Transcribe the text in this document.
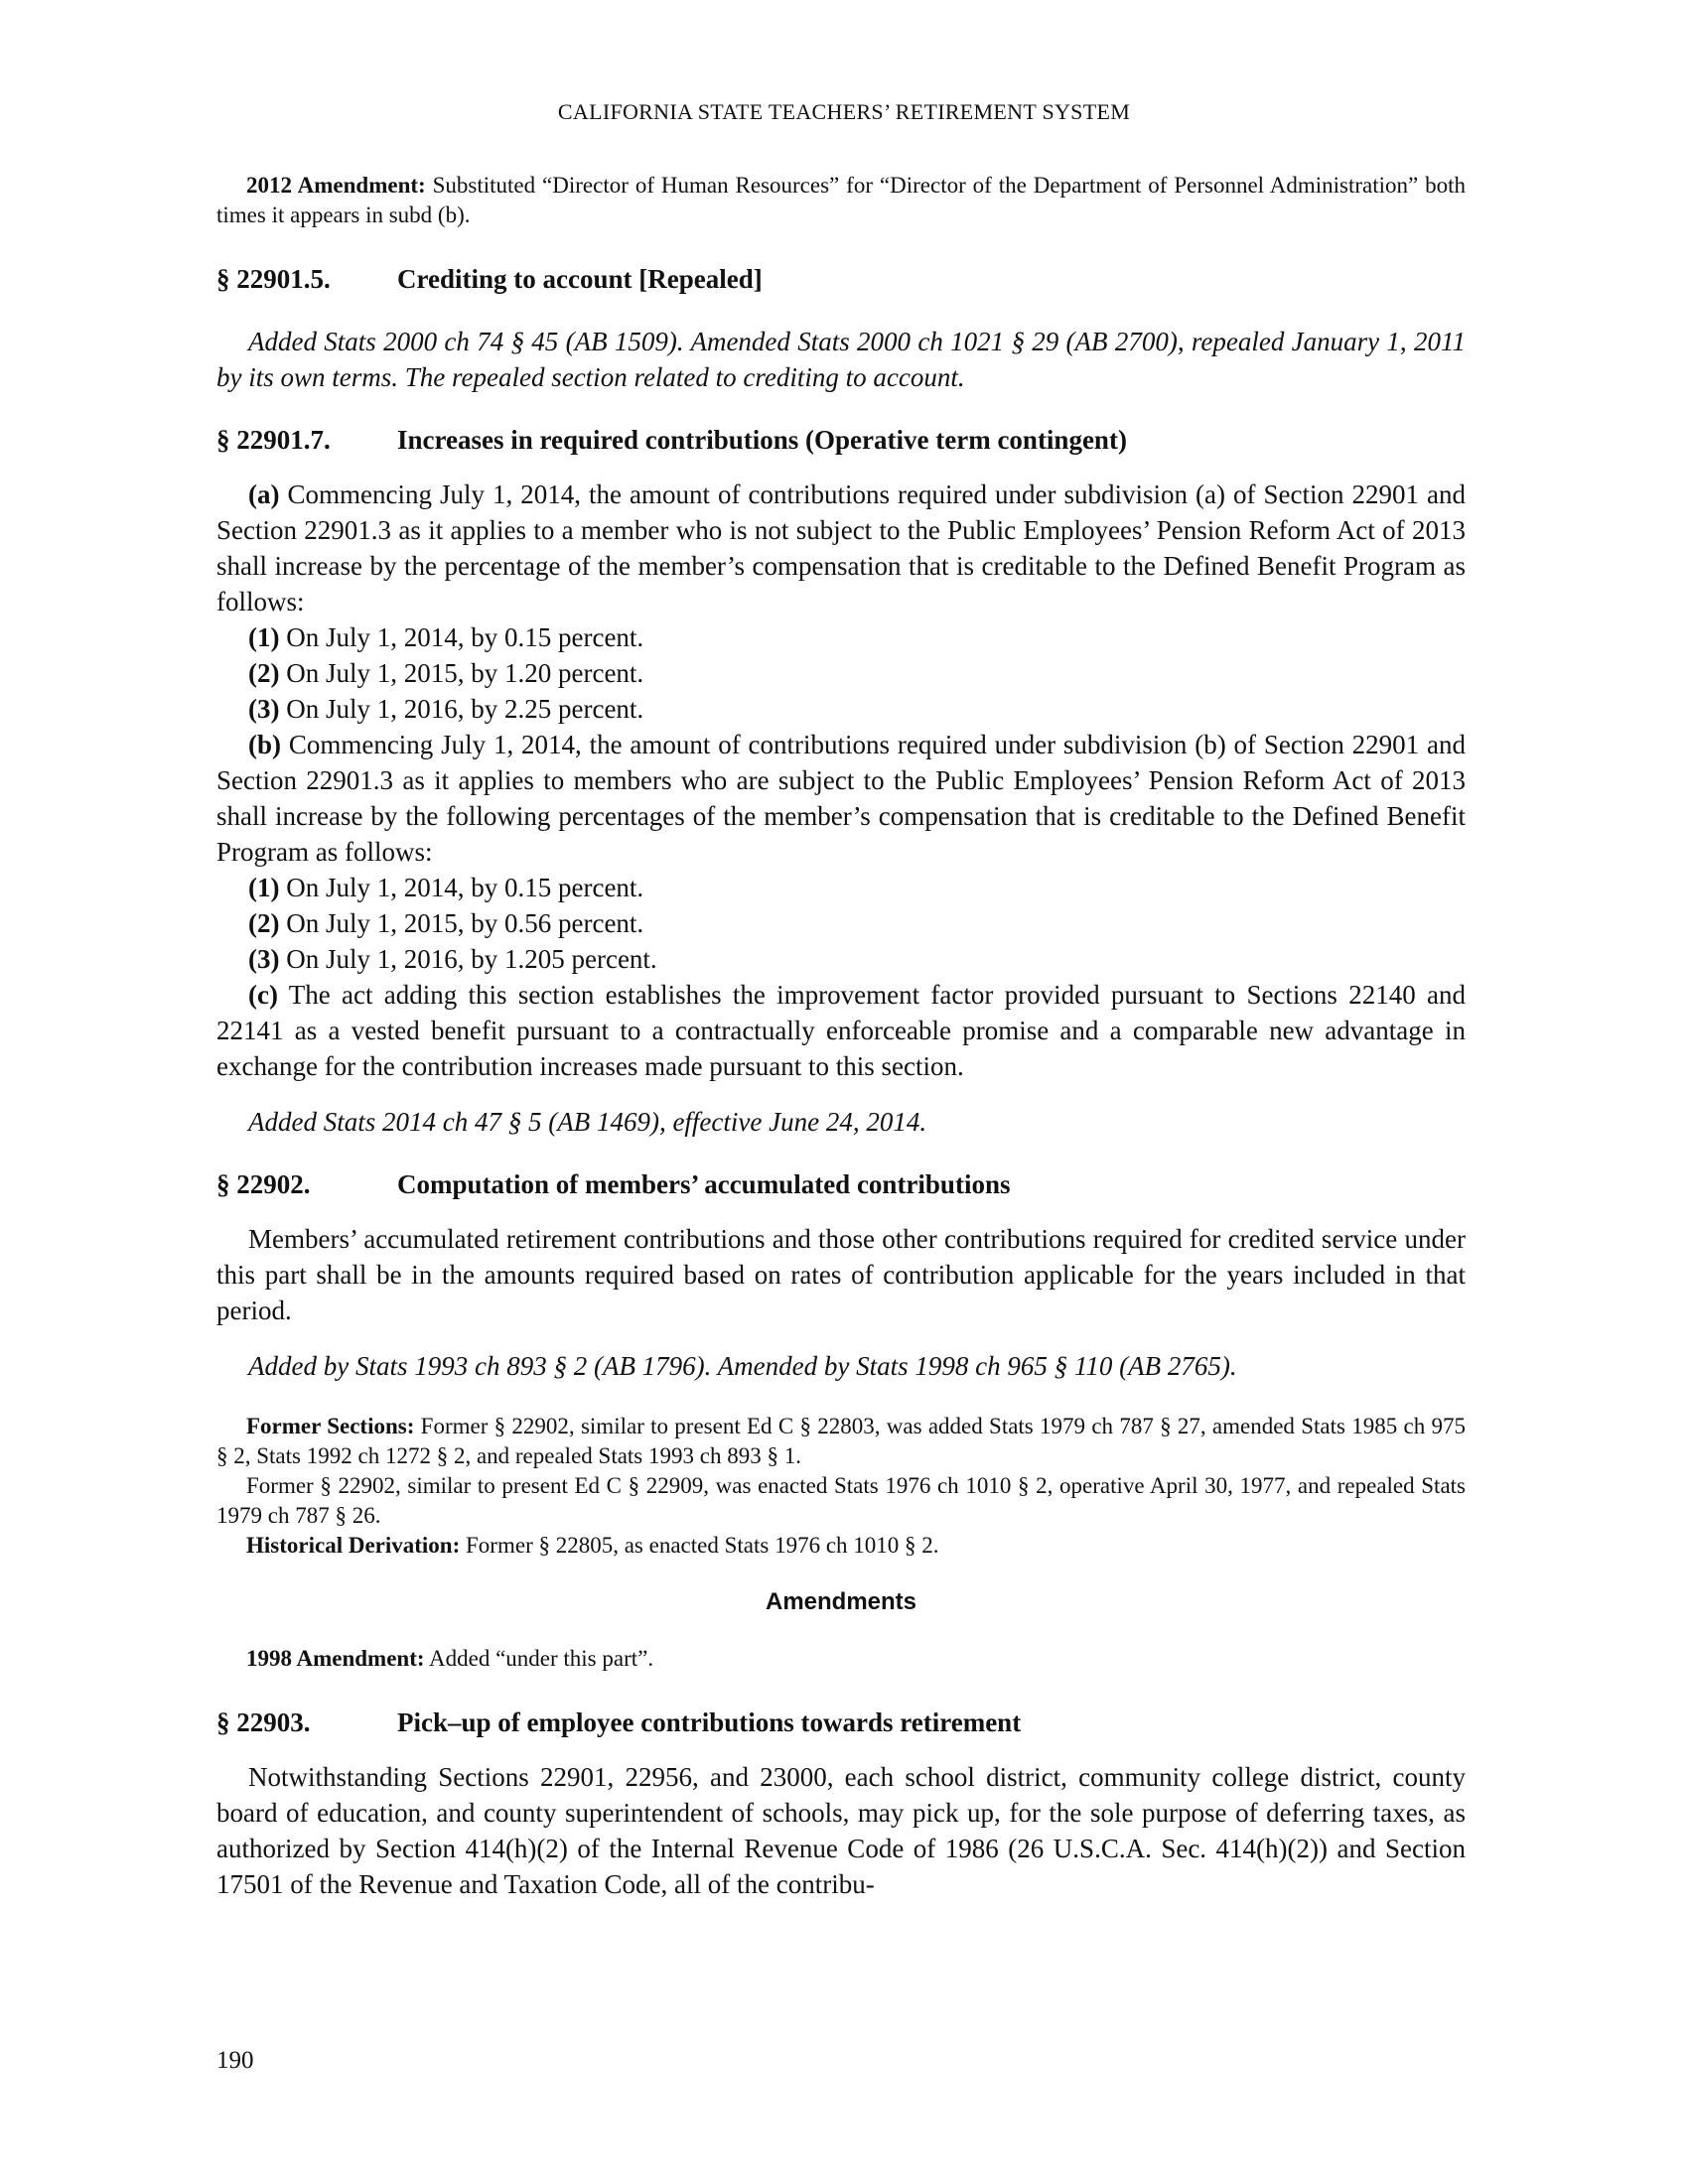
CALIFORNIA STATE TEACHERS’ RETIREMENT SYSTEM

2012 Amendment: Substituted “Director of Human Resources” for “Director of the Department of Personnel Administration” both times it appears in subd (b).

§ 22901.5.	Crediting to account [Repealed]

Added Stats 2000 ch 74 § 45 (AB 1509). Amended Stats 2000 ch 1021 § 29 (AB 2700), repealed January 1, 2011 by its own terms. The repealed section related to crediting to account.

§ 22901.7.	Increases in required contributions (Operative term contingent)

(a) Commencing July 1, 2014, the amount of contributions required under subdivision (a) of Section 22901 and Section 22901.3 as it applies to a member who is not subject to the Public Employees’ Pension Reform Act of 2013 shall increase by the percentage of the member’s compensation that is creditable to the Defined Benefit Program as follows:

(1) On July 1, 2014, by 0.15 percent.

(2) On July 1, 2015, by 1.20 percent.

(3) On July 1, 2016, by 2.25 percent.

(b) Commencing July 1, 2014, the amount of contributions required under subdivision (b) of Section 22901 and Section 22901.3 as it applies to members who are subject to the Public Employees’ Pension Reform Act of 2013 shall increase by the following percentages of the member’s compensation that is creditable to the Defined Benefit Program as follows:

(1) On July 1, 2014, by 0.15 percent.

(2) On July 1, 2015, by 0.56 percent.

(3) On July 1, 2016, by 1.205 percent.

(c) The act adding this section establishes the improvement factor provided pursuant to Sections 22140 and 22141 as a vested benefit pursuant to a contractually enforceable promise and a comparable new advantage in exchange for the contribution increases made pursuant to this section.

Added Stats 2014 ch 47 § 5 (AB 1469), effective June 24, 2014.

§ 22902.	Computation of members’ accumulated contributions

Members’ accumulated retirement contributions and those other contributions required for credited service under this part shall be in the amounts required based on rates of contribution applicable for the years included in that period.

Added by Stats 1993 ch 893 § 2 (AB 1796). Amended by Stats 1998 ch 965 § 110 (AB 2765).

Former Sections: Former § 22902, similar to present Ed C § 22803, was added Stats 1979 ch 787 § 27, amended Stats 1985 ch 975 § 2, Stats 1992 ch 1272 § 2, and repealed Stats 1993 ch 893 § 1.

Former § 22902, similar to present Ed C § 22909, was enacted Stats 1976 ch 1010 § 2, operative April 30, 1977, and repealed Stats 1979 ch 787 § 26.

Historical Derivation: Former § 22805, as enacted Stats 1976 ch 1010 § 2.

Amendments

1998 Amendment: Added “under this part”.

§ 22903.	Pick–up of employee contributions towards retirement

Notwithstanding Sections 22901, 22956, and 23000, each school district, community college district, county board of education, and county superintendent of schools, may pick up, for the sole purpose of deferring taxes, as authorized by Section 414(h)(2) of the Internal Revenue Code of 1986 (26 U.S.C.A. Sec. 414(h)(2)) and Section 17501 of the Revenue and Taxation Code, all of the contribu-

190
